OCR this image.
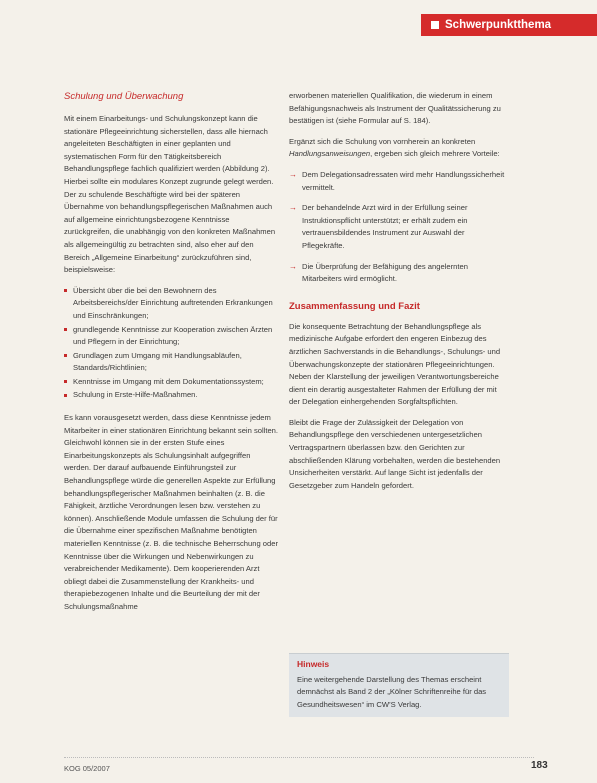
Schwerpunktthema
Schulung und Überwachung

Mit einem Einarbeitungs- und Schulungskonzept kann die stationäre Pflegeeinrichtung sicherstellen, dass alle hiernach angeleiteten Beschäftigten in einer geplanten und systematischen Form für den Tätigkeitsbereich Behandlungspflege fachlich qualifiziert werden (Abbildung 2). Hierbei sollte ein modulares Konzept zugrunde gelegt werden. Der zu schulende Beschäftigte wird bei der späteren Übernahme von behandlungspflegerischen Maßnahmen auch auf allgemeine einrichtungsbezogene Kenntnisse zurückgreifen, die unabhängig von den konkreten Maßnahmen als allgemeingültig zu betrachten sind, also eher auf den Bereich „Allgemeine Einarbeitung“ zurückzuführen sind, beispielsweise:

Übersicht über die bei den Bewohnern des Arbeitsbereichs/der Einrichtung auftretenden Erkrankungen und Einschränkungen;
grundlegende Kenntnisse zur Kooperation zwischen Ärzten und Pflegern in der Einrichtung;
Grundlagen zum Umgang mit Handlungsabläufen, Standards/Richtlinien;
Kenntnisse im Umgang mit dem Dokumentationssystem;
Schulung in Erste-Hilfe-Maßnahmen.

Es kann vorausgesetzt werden, dass diese Kenntnisse jedem Mitarbeiter in einer stationären Einrichtung bekannt sein sollten. Gleichwohl können sie in der ersten Stufe eines Einarbeitungskonzepts als Schulungsinhalt aufgegriffen werden. Der darauf aufbauende Einführungsteil zur Behandlungspflege würde die generellen Aspekte zur Erfüllung behandlungspflegerischer Maßnahmen beinhalten (z. B. die Fähigkeit, ärztliche Verordnungen lesen bzw. verstehen zu können). Anschließende Module umfassen die Schulung der für die Übernahme einer spezifischen Maßnahme benötigten materiellen Kenntnisse (z. B. die technische Beherrschung oder Kenntnisse über die Wirkungen und Nebenwirkungen zu verabreichender Medikamente). Dem kooperierenden Arzt obliegt dabei die Zusammenstellung der Krankheits- und therapiebezogenen Inhalte und die Beurteilung der mit der Schulungsmaßnahme

erworbenen materiellen Qualifikation, die wiederum in einem Befähigungsnachweis als Instrument der Qualitätssicherung zu bestätigen ist (siehe Formular auf S. 184).

Ergänzt sich die Schulung von vornherein an konkreten Handlungsanweisungen, ergeben sich gleich mehrere Vorteile:

→ Dem Delegationsadressaten wird mehr Handlungssicherheit vermittelt.
→ Der behandelnde Arzt wird in der Erfüllung seiner Instruktionspflicht unterstützt; er erhält zudem ein vertrauensbildendes Instrument zur Auswahl der Pflegekräfte.
→ Die Überprüfung der Befähigung des angelernten Mitarbeiters wird ermöglicht.
Zusammenfassung und Fazit

Die konsequente Betrachtung der Behandlungspflege als medizinische Aufgabe erfordert den engeren Einbezug des ärztlichen Sachverstands in die Behandlungs-, Schulungs- und Überwachungskonzepte der stationären Pflegeeinrichtungen. Neben der Klarstellung der jeweiligen Verantwortungsbereiche dient ein derartig ausgestalteter Rahmen der Erfüllung der mit der Delegation einhergehenden Sorgfaltspflichten.

Bleibt die Frage der Zulässigkeit der Delegation von Behandlungspflege den verschiedenen untergesetzlichen Vertragspartnern überlassen bzw. den Gerichten zur abschließenden Klärung vorbehalten, werden die bestehenden Unsicherheiten verstärkt. Auf lange Sicht ist jedenfalls der Gesetzgeber zum Handeln gefordert.

Hinweis
Eine weitergehende Darstellung des Themas erscheint demnächst als Band 2 der „Kölner Schriftenreihe für das Gesundheitswesen“ im CW’S Verlag.
KOG 05/2007	183
